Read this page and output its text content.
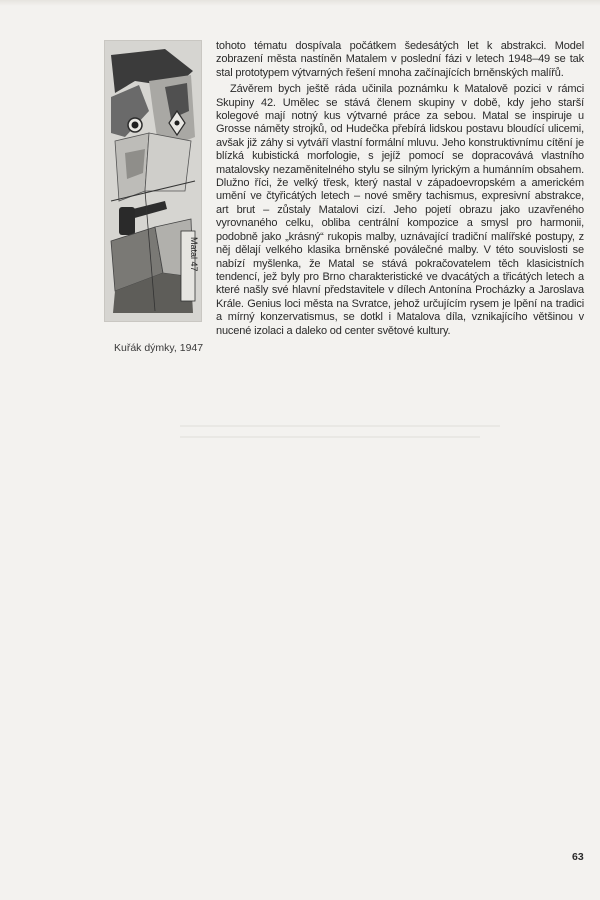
Matal 47
Kuřák dýmky, 1947

tohoto tématu dospívala počátkem šedesátých let k abstrakci. Model zobrazení města nastíněn Matalem v poslední fázi v letech 1948–49 se tak stal prototypem výtvarných řešení mnoha začínajících brněnských malířů.

Závěrem bych ještě ráda učinila poznámku k Matalově pozici v rámci Skupiny 42. Umělec se stává členem skupiny v době, kdy jeho starší kolegové mají notný kus výtvarné práce za sebou. Matal se inspiruje u Grosse náměty strojků, od Hudečka přebírá lidskou postavu bloudící ulicemi, avšak již záhy si vytváří vlastní formální mluvu. Jeho konstruktivnímu cítění je blízká kubistická morfologie, s jejíž pomocí se dopracovává vlastního matalovsky nezaměnitelného stylu se silným lyrickým a humánním obsahem. Dlužno říci, že velký třesk, který nastal v západoevropském a americkém umění ve čtyřicátých letech – nové směry tachismus, expresivní abstrakce, art brut – zůstaly Matalovi cizí. Jeho pojetí obrazu jako uzavřeného vyrovnaného celku, obliba centrální kompozice a smysl pro harmonii, podobně jako „krásný“ rukopis malby, uznávající tradiční malířské postupy, z něj dělají velkého klasika brněnské poválečné malby. V této souvislosti se nabízí myšlenka, že Matal se stává pokračovatelem těch klasicistních tendencí, jež byly pro Brno charakteristické ve dvacátých a třicátých letech a které našly své hlavní představitele v dílech Antonína Procházky a Jaroslava Krále. Genius loci města na Svratce, jehož určujícím rysem je lpění na tradici a mírný konzervatismus, se dotkl i Matalova díla, vznikajícího většinou v nucené izolaci a daleko od center světové kultury.

63
